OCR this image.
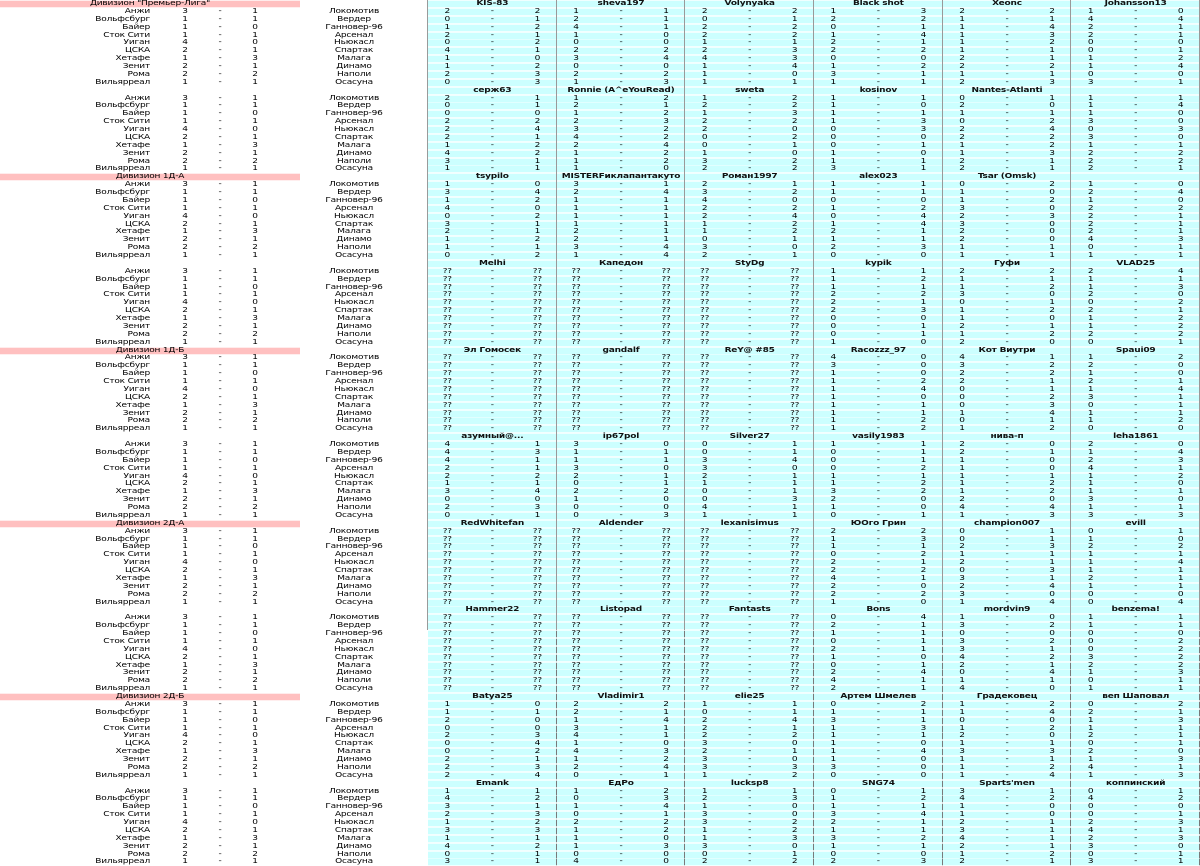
Дивизион "Премьер-Лига"	KIS-83	sheva197	Volynyaka	Black shot	Xeonc	Johansson13
Анжи	3	-	1	Локомотив	2	-	2	1	-	1	2	-	2	1	-	3	2	-	2	1	-	0
Вольфсбург	1	-	1	Вердер	0	-	1	2	-	1	0	-	1	2	-	2	1	-	1	4	-	4
Байер	1	-	0	Ганновер-96	1	-	2	4	-	1	2	-	2	0	-	1	1	-	4	2	-	1
Сток Сити	1	-	1	Арсенал	2	-	1	1	-	0	2	-	2	1	-	4	1	-	3	2	-	1
Уиган	4	-	0	Ньюкасл	0	-	2	0	-	0	1	-	1	2	-	1	1	-	2	0	-	0
ЦСКА	2	-	1	Спартак	4	-	1	2	-	2	2	-	3	2	-	2	1	-	1	0	-	1
Хетафе	1	-	3	Малага	1	-	0	3	-	4	4	-	3	0	-	0	2	-	1	1	-	2
Зенит	2	-	1	Динамо	1	-	2	0	-	0	1	-	4	1	-	2	2	-	2	1	-	4
Рома	2	-	2	Наполи	2	-	3	2	-	2	1	-	0	3	-	1	1	-	1	0	-	0
Вильярреал	1	-	1	Осасуна	0	-	3	1	-	3	1	-	1	1	-	1	2	-	3	3	-	1
серж63	Ronnie (A^eYouRead)	sweta	kosinov	Nantes-Atlanti
Анжи	3	-	1	Локомотив	2	-	1	1	-	2	1	-	2	1	-	1	0	-	1	1	-	1
Вольфсбург	1	-	1	Вердер	0	-	1	2	-	1	2	-	2	1	-	0	2	-	0	1	-	4
Байер	1	-	0	Ганновер-96	0	-	0	1	-	2	1	-	3	1	-	1	1	-	1	1	-	0
Сток Сити	1	-	1	Арсенал	2	-	2	2	-	3	2	-	2	1	-	3	0	-	2	3	-	0
Уиган	4	-	0	Ньюкасл	2	-	4	3	-	2	2	-	0	0	-	3	2	-	4	0	-	3
ЦСКА	2	-	1	Спартак	2	-	1	4	-	2	0	-	2	0	-	0	2	-	2	3	-	0
Хетафе	1	-	3	Малага	1	-	2	2	-	4	0	-	1	0	-	1	1	-	2	1	-	1
Зенит	2	-	1	Динамо	4	-	2	1	-	2	1	-	0	1	-	0	1	-	3	2	-	2
Рома	2	-	2	Наполи	3	-	1	1	-	2	3	-	2	1	-	1	2	-	1	2	-	2
Вильярреал	1	-	1	Осасуна	1	-	1	1	-	0	2	-	2	3	-	1	2	-	1	2	-	1
Дивизион 1Д-А	tsypilo	MISTERFиклапантакуто	Роман1997	alex023	Tsar (Omsk)
Анжи	3	-	1	Локомотив	1	-	0	3	-	1	2	-	1	1	-	1	0	-	2	1	-	0
Вольфсбург	1	-	1	Вердер	3	-	4	2	-	4	3	-	2	1	-	1	1	-	0	2	-	4
Байер	1	-	0	Ганновер-96	1	-	2	1	-	1	4	-	0	0	-	0	1	-	2	1	-	0
Сток Сити	1	-	1	Арсенал	4	-	0	1	-	1	2	-	2	1	-	2	3	-	0	2	-	2
Уиган	4	-	0	Ньюкасл	0	-	2	1	-	1	2	-	4	0	-	4	2	-	3	2	-	1
ЦСКА	2	-	1	Спартак	3	-	1	1	-	1	1	-	2	1	-	4	3	-	0	2	-	1
Хетафе	1	-	3	Малага	2	-	1	2	-	1	1	-	2	2	-	1	2	-	0	2	-	1
Зенит	2	-	1	Динамо	1	-	2	2	-	1	0	-	1	1	-	1	2	-	0	4	-	3
Рома	2	-	2	Наполи	1	-	1	3	-	4	3	-	0	2	-	3	1	-	1	0	-	1
Вильярреал	1	-	1	Осасуна	0	-	2	1	-	4	2	-	1	0	-	0	1	-	1	1	-	1
Melhi	Капедон	StyDg	kypik	Гуфи	VLAD25
Анжи	3	-	1	Локомотив	??	-	??	??	-	??	??	-	??	1	-	1	2	-	2	2	-	4
Вольфсбург	1	-	1	Вердер	??	-	??	??	-	??	??	-	??	1	-	2	1	-	1	1	-	1
Байер	1	-	0	Ганновер-96	??	-	??	??	-	??	??	-	??	1	-	1	1	-	2	1	-	3
Сток Сити	1	-	1	Арсенал	??	-	??	??	-	??	??	-	??	2	-	2	3	-	0	2	-	0
Уиган	4	-	0	Ньюкасл	??	-	??	??	-	??	??	-	??	2	-	1	0	-	1	0	-	2
ЦСКА	2	-	1	Спартак	??	-	??	??	-	??	??	-	??	2	-	3	1	-	2	2	-	1
Хетафе	1	-	3	Малага	??	-	??	??	-	??	??	-	??	0	-	0	1	-	0	1	-	2
Зенит	2	-	1	Динамо	??	-	??	??	-	??	??	-	??	0	-	1	2	-	1	1	-	2
Рома	2	-	2	Наполи	??	-	??	??	-	??	??	-	??	0	-	1	1	-	2	2	-	2
Вильярреал	1	-	1	Осасуна	??	-	??	??	-	??	??	-	??	1	-	0	2	-	0	0	-	1
Дивизион 1Д-Б	Эл Гомосек	gandalf	ReY@ #85	Racozzz_97	Кот Виутри	Spaui09
Анжи	3	-	1	Локомотив	??	-	??	??	-	??	??	-	??	4	-	0	4	-	1	1	-	2
Вольфсбург	1	-	1	Вердер	??	-	??	??	-	??	??	-	??	3	-	0	3	-	2	2	-	0
Байер	1	-	0	Ганновер-96	??	-	??	??	-	??	??	-	??	1	-	0	2	-	2	1	-	0
Сток Сити	1	-	1	Арсенал	??	-	??	??	-	??	??	-	??	1	-	2	2	-	1	2	-	1
Уиган	4	-	0	Ньюкасл	??	-	??	??	-	??	??	-	??	1	-	4	0	-	1	1	-	4
ЦСКА	2	-	1	Спартак	??	-	??	??	-	??	??	-	??	1	-	0	0	-	2	3	-	1
Хетафе	1	-	3	Малага	??	-	??	??	-	??	??	-	??	1	-	1	0	-	3	0	-	1
Зенит	2	-	1	Динамо	??	-	??	??	-	??	??	-	??	1	-	1	1	-	4	1	-	1
Рома	2	-	2	Наполи	??	-	??	??	-	??	??	-	??	1	-	2	0	-	1	1	-	2
Вильярреал	1	-	1	Осасуна	??	-	??	??	-	??	??	-	??	1	-	2	1	-	2	0	-	0
азумный@...	ip67pol	Silver27	vasily1983	нива-п	leha1861
Анжи	3	-	1	Локомотив	4	-	1	3	-	0	0	-	1	1	-	1	2	-	0	2	-	0
Вольфсбург	1	-	1	Вердер	4	-	3	1	-	1	0	-	1	0	-	1	2	-	1	1	-	4
Байер	1	-	0	Ганновер-96	4	-	1	1	-	1	3	-	4	0	-	1	1	-	0	2	-	3
Сток Сити	1	-	1	Арсенал	2	-	1	3	-	0	3	-	0	0	-	2	1	-	0	4	-	1
Уиган	4	-	0	Ньюкасл	2	-	2	2	-	1	2	-	1	1	-	1	1	-	1	1	-	2
ЦСКА	2	-	1	Спартак	1	-	1	0	-	1	1	-	1	1	-	2	1	-	2	1	-	0
Хетафе	1	-	3	Малага	3	-	4	2	-	2	0	-	1	3	-	2	1	-	2	1	-	1
Зенит	2	-	1	Динамо	0	-	0	1	-	0	0	-	3	2	-	0	2	-	0	3	-	0
Рома	2	-	2	Наполи	2	-	3	0	-	0	4	-	1	1	-	0	4	-	4	1	-	1
Вильярреал	1	-	1	Осасуна	0	-	1	0	-	3	1	-	1	0	-	1	1	-	3	3	-	3
Дивизион 2Д-А	RedWhitefan	Aldender	lexanisimus	ЮОго Грин	champion007	evill
Анжи	3	-	1	Локомотив	??	-	??	??	-	??	??	-	??	2	-	2	0	-	1	0	-	1
Вольфсбург	1	-	1	Вердер	??	-	??	??	-	??	??	-	??	1	-	3	0	-	1	1	-	0
Байер	1	-	0	Ганновер-96	??	-	??	??	-	??	??	-	??	1	-	1	2	-	3	2	-	2
Сток Сити	1	-	1	Арсенал	??	-	??	??	-	??	??	-	??	0	-	2	1	-	1	1	-	1
Уиган	4	-	0	Ньюкасл	??	-	??	??	-	??	??	-	??	2	-	1	2	-	1	1	-	4
ЦСКА	2	-	1	Спартак	??	-	??	??	-	??	??	-	??	2	-	2	0	-	3	1	-	1
Хетафе	1	-	3	Малага	??	-	??	??	-	??	??	-	??	4	-	1	3	-	1	2	-	1
Зенит	2	-	1	Динамо	??	-	??	??	-	??	??	-	??	2	-	0	2	-	4	1	-	1
Рома	2	-	2	Наполи	??	-	??	??	-	??	??	-	??	2	-	2	3	-	0	0	-	0
Вильярреал	1	-	1	Осасуна	??	-	??	??	-	??	??	-	??	1	-	0	1	-	4	0	-	4
Hammer22	Listopad	Fantasts	Bons	mordvin9	benzema!
Анжи	3	-	1	Локомотив	??	-	??	??	-	??	??	-	??	0	-	4	1	-	0	1	-	1
Вольфсбург	1	-	1	Вердер	??	-	??	??	-	??	??	-	??	2	-	1	3	-	2	1	-	1
Байер	1	-	0	Ганновер-96	??	-	??	??	-	??	??	-	??	1	-	1	0	-	0	0	-	0
Сток Сити	1	-	1	Арсенал	??	-	??	??	-	??	??	-	??	0	-	1	3	-	2	0	-	2
Уиган	4	-	0	Ньюкасл	??	-	??	??	-	??	??	-	??	2	-	1	3	-	1	0	-	2
ЦСКА	2	-	1	Спартак	??	-	??	??	-	??	??	-	??	1	-	0	4	-	2	3	-	2
Хетафе	1	-	3	Малага	??	-	??	??	-	??	??	-	??	0	-	1	2	-	1	2	-	2
Зенит	2	-	1	Динамо	??	-	??	??	-	??	??	-	??	2	-	4	0	-	4	1	-	3
Рома	2	-	2	Наполи	??	-	??	??	-	??	??	-	??	4	-	1	1	-	1	0	-	1
Вильярреал	1	-	1	Осасуна	??	-	??	??	-	??	??	-	??	2	-	1	4	-	0	1	-	1
Дивизион 2Д-Б	Batya25	Vladimir1	elie25	Артем Шмелев	Градековец	веп Шаповал
Анжи	3	-	1	Локомотив	1	-	0	2	-	2	1	-	1	0	-	2	1	-	2	0	-	2
Вольфсбург	1	-	1	Вердер	1	-	1	2	-	1	0	-	1	1	-	1	1	-	4	2	-	1
Байер	1	-	0	Ганновер-96	2	-	0	1	-	4	2	-	4	3	-	1	0	-	0	1	-	3
Сток Сити	1	-	1	Арсенал	0	-	0	3	-	1	2	-	1	1	-	3	1	-	2	1	-	1
Уиган	4	-	0	Ньюкасл	2	-	3	4	-	1	2	-	2	1	-	1	2	-	0	2	-	1
ЦСКА	2	-	1	Спартак	0	-	4	1	-	0	3	-	0	1	-	0	1	-	1	0	-	1
Хетафе	1	-	3	Малага	0	-	2	4	-	3	2	-	1	1	-	4	3	-	3	2	-	0
Зенит	2	-	1	Динамо	2	-	1	1	-	2	3	-	0	1	-	0	1	-	1	1	-	3
Рома	2	-	2	Наполи	2	-	3	2	-	4	3	-	3	3	-	0	1	-	2	4	-	1
Вильярреал	1	-	1	Осасуна	2	-	4	0	-	1	1	-	2	0	-	0	1	-	4	1	-	3
Emank	ЕдРо	lucksp8	SNG74	Sparts'men	коппинский
Анжи	3	-	1	Локомотив	1	-	1	1	-	2	1	-	1	0	-	1	3	-	1	0	-	1
Вольфсбург	1	-	1	Вердер	4	-	2	0	-	3	2	-	3	1	-	2	4	-	2	4	-	2
Байер	1	-	0	Ганновер-96	3	-	1	1	-	4	1	-	0	1	-	1	1	-	0	0	-	0
Сток Сити	1	-	1	Арсенал	2	-	3	0	-	1	3	-	0	3	-	4	1	-	0	0	-	1
Уиган	4	-	0	Ньюкасл	1	-	2	2	-	2	3	-	2	2	-	1	2	-	1	2	-	3
ЦСКА	2	-	1	Спартак	3	-	3	1	-	2	1	-	2	1	-	1	3	-	1	4	-	1
Хетафе	1	-	3	Малага	1	-	1	1	-	0	1	-	3	3	-	2	4	-	1	2	-	3
Зенит	2	-	1	Динамо	4	-	2	1	-	3	3	-	0	1	-	1	2	-	1	3	-	0
Рома	2	-	2	Наполи	0	-	1	0	-	0	0	-	1	0	-	0	1	-	2	0	-	1
Вильярреал	1	-	1	Осасуна	3	-	1	4	-	0	2	-	2	2	-	3	2	-	1	3	-	1
